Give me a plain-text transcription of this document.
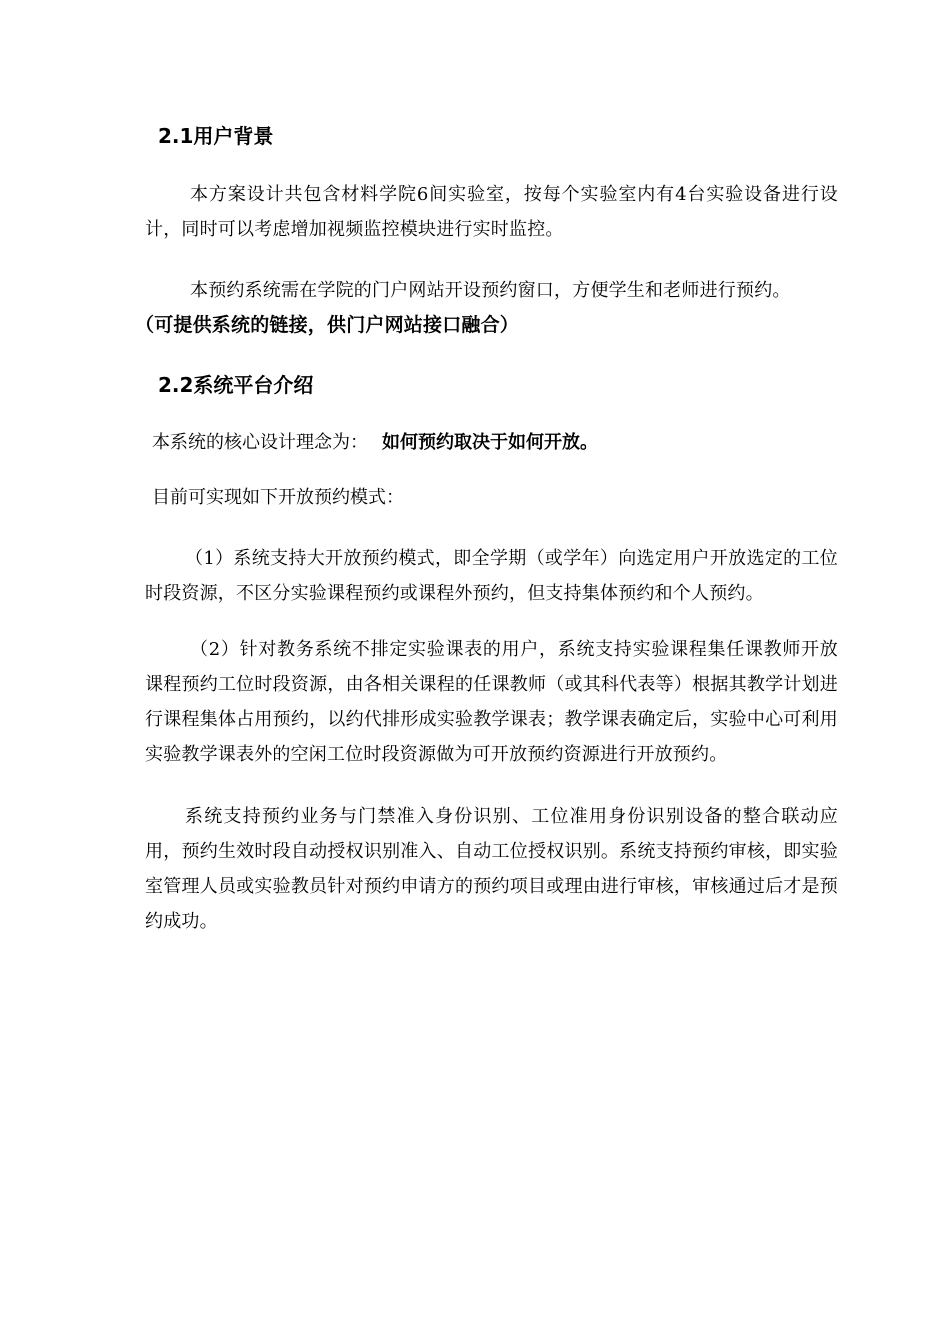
2.1用户背景
本方案设计共包含材料学院6间实验室，按每个实验室内有4台实验设备进行设计，同时可以考虑增加视频监控模块进行实时监控。
本预约系统需在学院的门户网站开设预约窗口，方便学生和老师进行预约。
（可提供系统的链接，供门户网站接口融合）
2.2系统平台介绍
本系统的核心设计理念为： 如何预约取决于如何开放。
目前可实现如下开放预约模式：
（1）系统支持大开放预约模式，即全学期（或学年）向选定用户开放选定的工位时段资源，不区分实验课程预约或课程外预约，但支持集体预约和个人预约。
（2）针对教务系统不排定实验课表的用户，系统支持实验课程集任课教师开放课程预约工位时段资源，由各相关课程的任课教师（或其科代表等）根据其教学计划进行课程集体占用预约，以约代排形成实验教学课表；教学课表确定后，实验中心可利用实验教学课表外的空闲工位时段资源做为可开放预约资源进行开放预约。
系统支持预约业务与门禁准入身份识别、工位准用身份识别设备的整合联动应用，预约生效时段自动授权识别准入、自动工位授权识别。系统支持预约审核，即实验室管理人员或实验教员针对预约申请方的预约项目或理由进行审核，审核通过后才是预约成功。
